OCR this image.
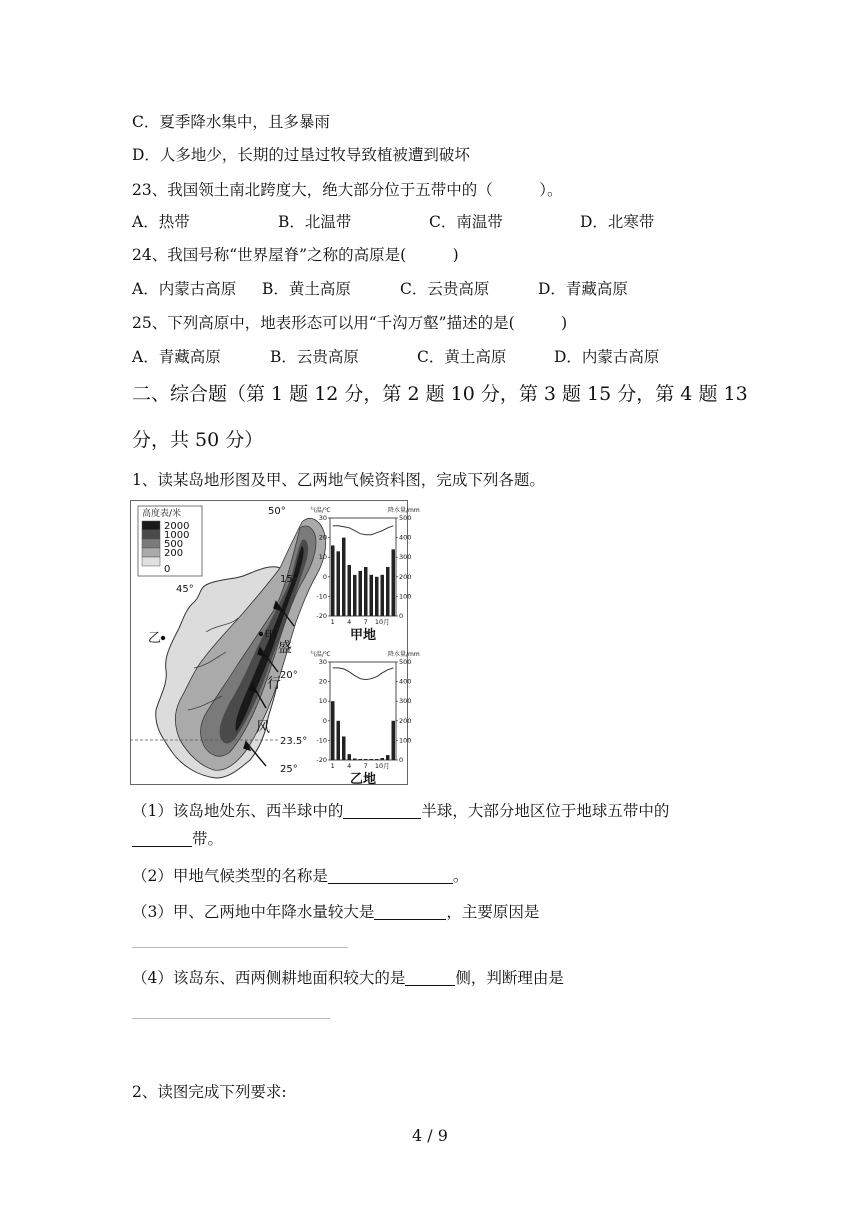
C．夏季降水集中，且多暴雨
D．人多地少，长期的过垦过牧导致植被遭到破坏
23、我国领土南北跨度大，绝大部分位于五带中的（　　　）。
A．热带	B．北温带	C．南温带	D．北寒带
24、我国号称“世界屋脊”之称的高原是(　　　)
A．内蒙古高原 B．黄土高原	C．云贵高原	D．青藏高原
25、下列高原中，地表形态可以用“千沟万壑”描述的是(　　　)
A．青藏高原	B．云贵高原	C．黄土高原	D．内蒙古高原
二、综合题（第 1 题 12 分，第 2 题 10 分，第 3 题 15 分，第 4 题 13
分，共 50 分）
1、读某岛地形图及甲、乙两地气候资料图，完成下列各题。
高度表/米
2000
1000
500
200
0
50°
15°
45°
20°
23.5°
25°
乙	甲
盛
行
风
气温/℃	降水量/mm
30
20
10
0
-10
-20
500
400
300
200
100
0
1 4 7 10月
甲地
气温/℃	降水量/mm
30
20
10
0
-10
-20
500
400
300
200
100
0
1 4 7 10月
乙地
（1）该岛地处东、西半球中的	半球，大部分地区位于地球五带中的
带。
（2）甲地气候类型的名称是	。
（3）甲、乙两地中年降水量较大是	，主要原因是
（4）该岛东、西两侧耕地面积较大的是	侧，判断理由是
2、读图完成下列要求:
4 / 9
